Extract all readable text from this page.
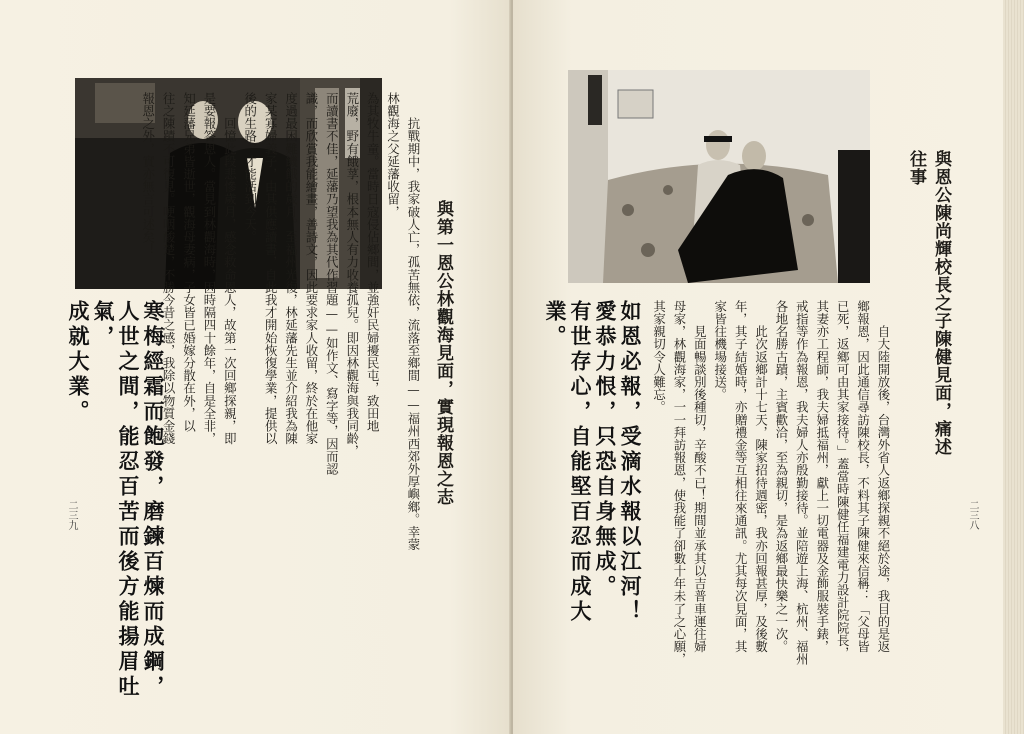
與第一恩公林觀海見面，實現報恩之志
　　抗戰期中，我家破人亡，孤苦無依，流落至鄉間——福州西郊外厚嶼鄉。幸蒙林觀海之父延藩收留，
為其牧牛童。當時日寇侵佔鄉間，並強奸民婦擾民屯，致田地
荒廢，野有餓莩，根本無人有力收養孤兒。即因林觀海與我同齡，
而讀書不佳，延藩乃望我為其代作習題——如作文、寫字等，因而認
識，而欣賞我能繪畫，善詩文，因此要求家人收留，終於在他家
度過最困難饑餓的歲月。至福州光復，林延藩先生並介紹我為陳
家某寡婦義子，由其供應讀書，自此我才開始恢復學業，提供以
後的生路，才能活到今天。
　　回憶此段悲慘歲月，感念救命恩人，故第一次回鄉探親，即
是要報答恩人。當見到林觀海時，因時隔四十餘年，自是全非，
知延藩兄弟皆逝世，觀海母妻病，子女皆已婚嫁分散在外，以
往之陳蹟不可復見。哽咽酸楚，不勝今昔之感，我除以物質金錢
報恩之外，實亦無言可述矣！
寒梅經霜而飽發，磨鍊百煉而成鋼，
人世之間，能忍百苦而後方能揚眉吐氣，
成就大業。
二三九
與恩公陳尚輝校長之子陳健見面，痛述往事
　　自大陸開放後，台灣外省人返鄉探親不絕於途，我目的是返
鄉報恩，因此通信尋訪陳校長，不料其子陳健來信稱：「父母皆
已死，返鄉可由其家接待。」蓋當時陳健任福建電力設計院院長，
其妻亦工程師，我夫婦抵福州，獻上一切電器及金飾服裝手錶，
戒指等作為報恩，我夫婦人亦殷勤接待。並陪遊上海、杭州、福州
各地名勝古蹟，主賓歡洽，至為親切，是為返鄉最快樂之一次。
　　此次返鄉計十七天，陳家招待週密，我亦回報甚厚，及後數
年，其子結婚時，亦贈禮金等互相往來通訊。尤其每次見面，其
家皆往機場接送。
　　見面暢談別後種切，辛酸不已！期間並承其以吉普車運往婦
母家，林觀海家，一一拜訪報恩，使我能了卻數十年未了之心願，
其家親切令人難忘。
如恩必報，受滴水報以江河！
愛恭力恨，只恐自身無成。
有世存心，自能堅百忍而成大業。
二三八
